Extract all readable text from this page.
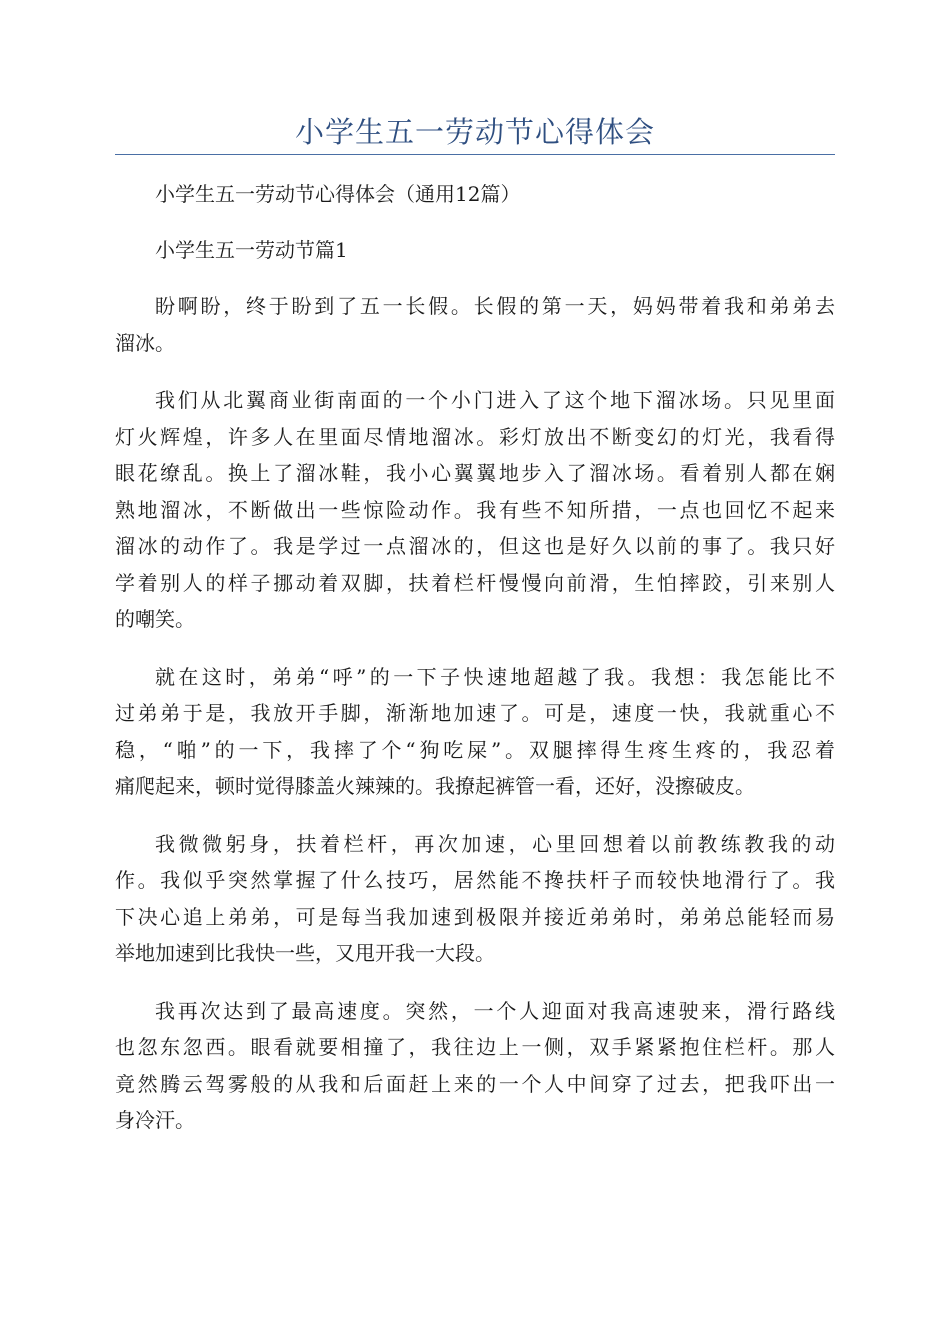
小学生五一劳动节心得体会

小学生五一劳动节心得体会（通用12篇）

小学生五一劳动节篇1

盼啊盼，终于盼到了五一长假。长假的第一天，妈妈带着我和弟弟去
溜冰。

我们从北翼商业街南面的一个小门进入了这个地下溜冰场。只见里面
灯火辉煌，许多人在里面尽情地溜冰。彩灯放出不断变幻的灯光，我看得
眼花缭乱。换上了溜冰鞋，我小心翼翼地步入了溜冰场。看着别人都在娴
熟地溜冰，不断做出一些惊险动作。我有些不知所措，一点也回忆不起来
溜冰的动作了。我是学过一点溜冰的，但这也是好久以前的事了。我只好
学着别人的样子挪动着双脚，扶着栏杆慢慢向前滑，生怕摔跤，引来别人
的嘲笑。

就在这时，弟弟“呼”的一下子快速地超越了我。我想：我怎能比不
过弟弟于是，我放开手脚，渐渐地加速了。可是，速度一快，我就重心不
稳，“啪”的一下，我摔了个“狗吃屎”。双腿摔得生疼生疼的，我忍着
痛爬起来，顿时觉得膝盖火辣辣的。我撩起裤管一看，还好，没擦破皮。

我微微躬身，扶着栏杆，再次加速，心里回想着以前教练教我的动
作。我似乎突然掌握了什么技巧，居然能不搀扶杆子而较快地滑行了。我
下决心追上弟弟，可是每当我加速到极限并接近弟弟时，弟弟总能轻而易
举地加速到比我快一些，又甩开我一大段。

我再次达到了最高速度。突然，一个人迎面对我高速驶来，滑行路线
也忽东忽西。眼看就要相撞了，我往边上一侧，双手紧紧抱住栏杆。那人
竟然腾云驾雾般的从我和后面赶上来的一个人中间穿了过去，把我吓出一
身冷汗。
